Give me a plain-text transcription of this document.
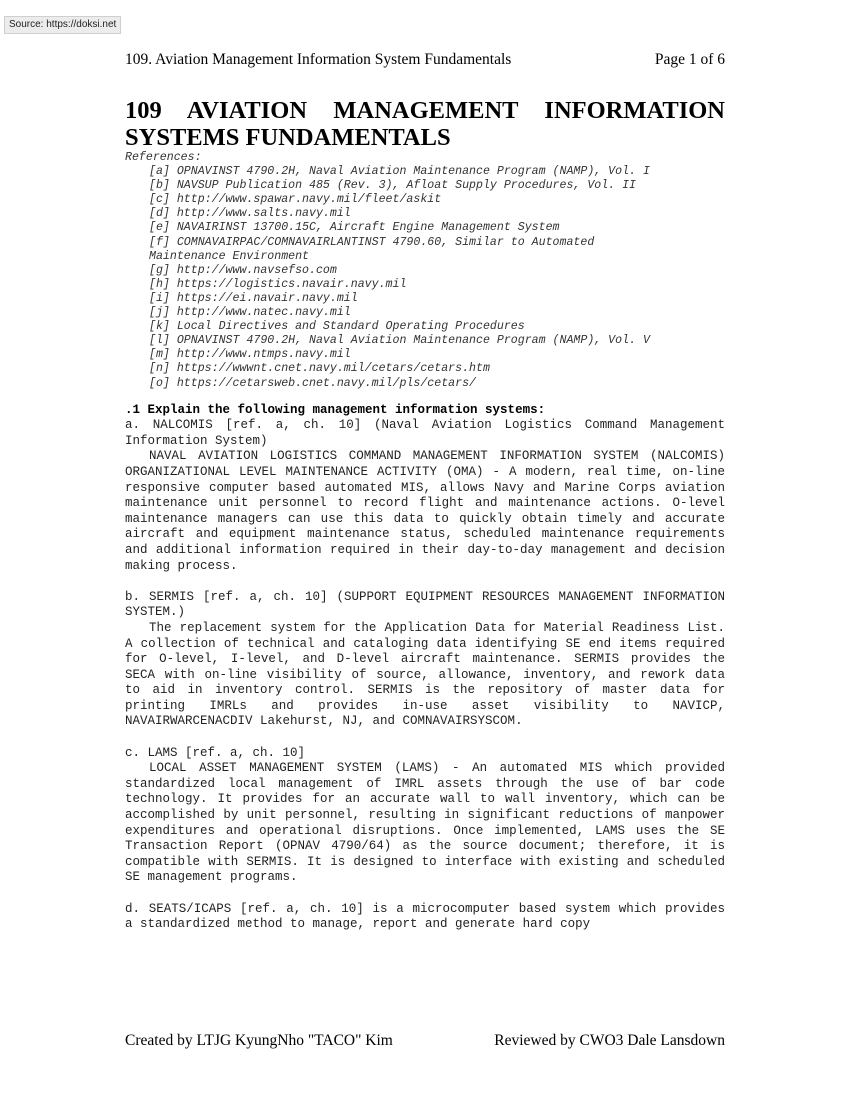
Source: https://doksi.net
109. Aviation Management Information System Fundamentals	Page 1 of 6
109 AVIATION MANAGEMENT INFORMATION SYSTEMS FUNDAMENTALS
References:
[a] OPNAVINST 4790.2H, Naval Aviation Maintenance Program (NAMP), Vol. I
[b] NAVSUP Publication 485 (Rev. 3), Afloat Supply Procedures, Vol. II
[c] http://www.spawar.navy.mil/fleet/askit
[d] http://www.salts.navy.mil
[e] NAVAIRINST 13700.15C, Aircraft Engine Management System
[f] COMNAVAIRPAC/COMNAVAIRLANTINST 4790.60, Similar to Automated
Maintenance Environment
[g] http://www.navsefso.com
[h] https://logistics.navair.navy.mil
[i] https://ei.navair.navy.mil
[j] http://www.natec.navy.mil
[k] Local Directives and Standard Operating Procedures
[l] OPNAVINST 4790.2H, Naval Aviation Maintenance Program (NAMP), Vol. V
[m] http://www.ntmps.navy.mil
[n] https://wwwnt.cnet.navy.mil/cetars/cetars.htm
[o] https://cetarsweb.cnet.navy.mil/pls/cetars/
.1 Explain the following management information systems:

a. NALCOMIS [ref. a, ch. 10] (Naval Aviation Logistics Command Management Information System)

NAVAL AVIATION LOGISTICS COMMAND MANAGEMENT INFORMATION SYSTEM (NALCOMIS) ORGANIZATIONAL LEVEL MAINTENANCE ACTIVITY (OMA) - A modern, real time, on-line responsive computer based automated MIS, allows Navy and Marine Corps aviation maintenance unit personnel to record flight and maintenance actions. O-level maintenance managers can use this data to quickly obtain timely and accurate aircraft and equipment maintenance status, scheduled maintenance requirements and additional information required in their day-to-day management and decision making process.

b. SERMIS [ref. a, ch. 10] (SUPPORT EQUIPMENT RESOURCES MANAGEMENT INFORMATION SYSTEM.)

The replacement system for the Application Data for Material Readiness List. A collection of technical and cataloging data identifying SE end items required for O-level, I-level, and D-level aircraft maintenance. SERMIS provides the SECA with on-line visibility of source, allowance, inventory, and rework data to aid in inventory control. SERMIS is the repository of master data for printing IMRLs and provides in-use asset visibility to NAVICP, NAVAIRWARCENACDIV Lakehurst, NJ, and COMNAVAIRSYSCOM.

c. LAMS [ref. a, ch. 10]

LOCAL ASSET MANAGEMENT SYSTEM (LAMS) - An automated MIS which provided standardized local management of IMRL assets through the use of bar code technology. It provides for an accurate wall to wall inventory, which can be accomplished by unit personnel, resulting in significant reductions of manpower expenditures and operational disruptions. Once implemented, LAMS uses the SE Transaction Report (OPNAV 4790/64) as the source document; therefore, it is compatible with SERMIS. It is designed to interface with existing and scheduled SE management programs.

d. SEATS/ICAPS [ref. a, ch. 10] is a microcomputer based system which provides a standardized method to manage, report and generate hard copy

Created by LTJG KyungNho "TACO" Kim	Reviewed by CWO3 Dale Lansdown
